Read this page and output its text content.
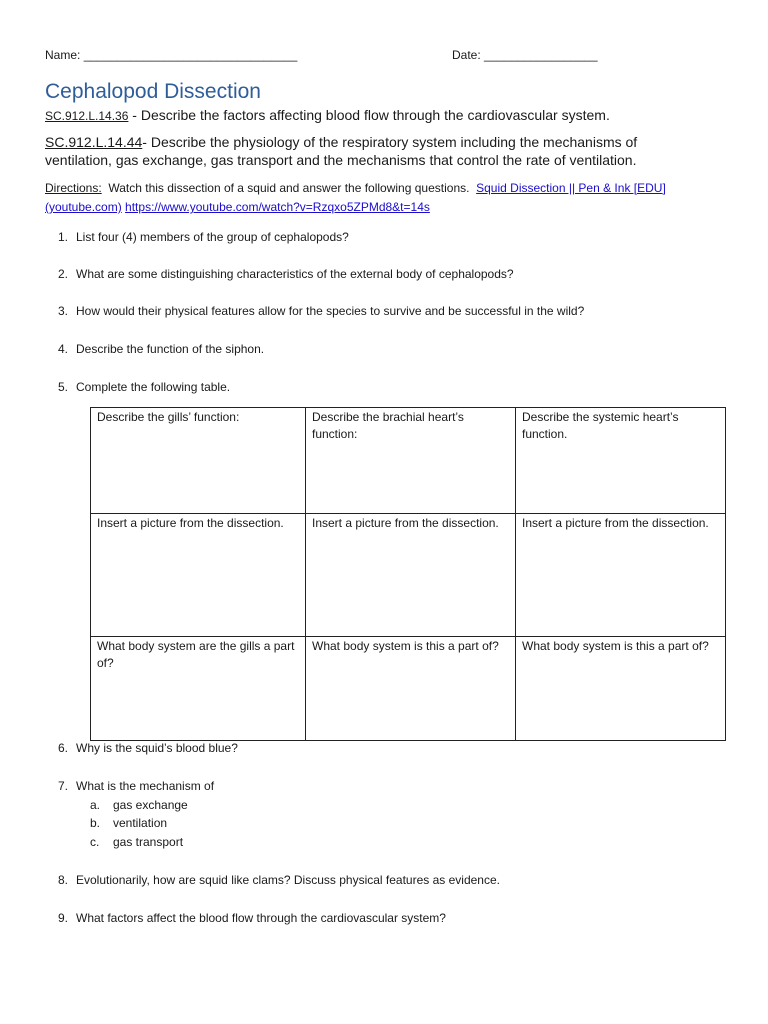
Name: ________________________________	Date: _________________
Cephalopod Dissection
SC.912.L.14.36 - Describe the factors affecting blood flow through the cardiovascular system.
SC.912.L.14.44- Describe the physiology of the respiratory system including the mechanisms of
ventilation, gas exchange, gas transport and the mechanisms that control the rate of ventilation.
Directions:  Watch this dissection of a squid and answer the following questions.  Squid Dissection || Pen & Ink [EDU]
(youtube.com) https://www.youtube.com/watch?v=Rzqxo5ZPMd8&t=14s
1. List four (4) members of the group of cephalopods?
2. What are some distinguishing characteristics of the external body of cephalopods?
3. How would their physical features allow for the species to survive and be successful in the wild?
4. Describe the function of the siphon.
5. Complete the following table.
Describe the gills’ function:	Describe the brachial heart’s function:	Describe the systemic heart’s function.
Insert a picture from the dissection.	Insert a picture from the dissection.	Insert a picture from the dissection.
What body system are the gills a part of?	What body system is this a part of?	What body system is this a part of?
6. Why is the squid’s blood blue?
7. What is the mechanism of
a. gas exchange
b. ventilation
c. gas transport
8. Evolutionarily, how are squid like clams? Discuss physical features as evidence.
9. What factors affect the blood flow through the cardiovascular system?
